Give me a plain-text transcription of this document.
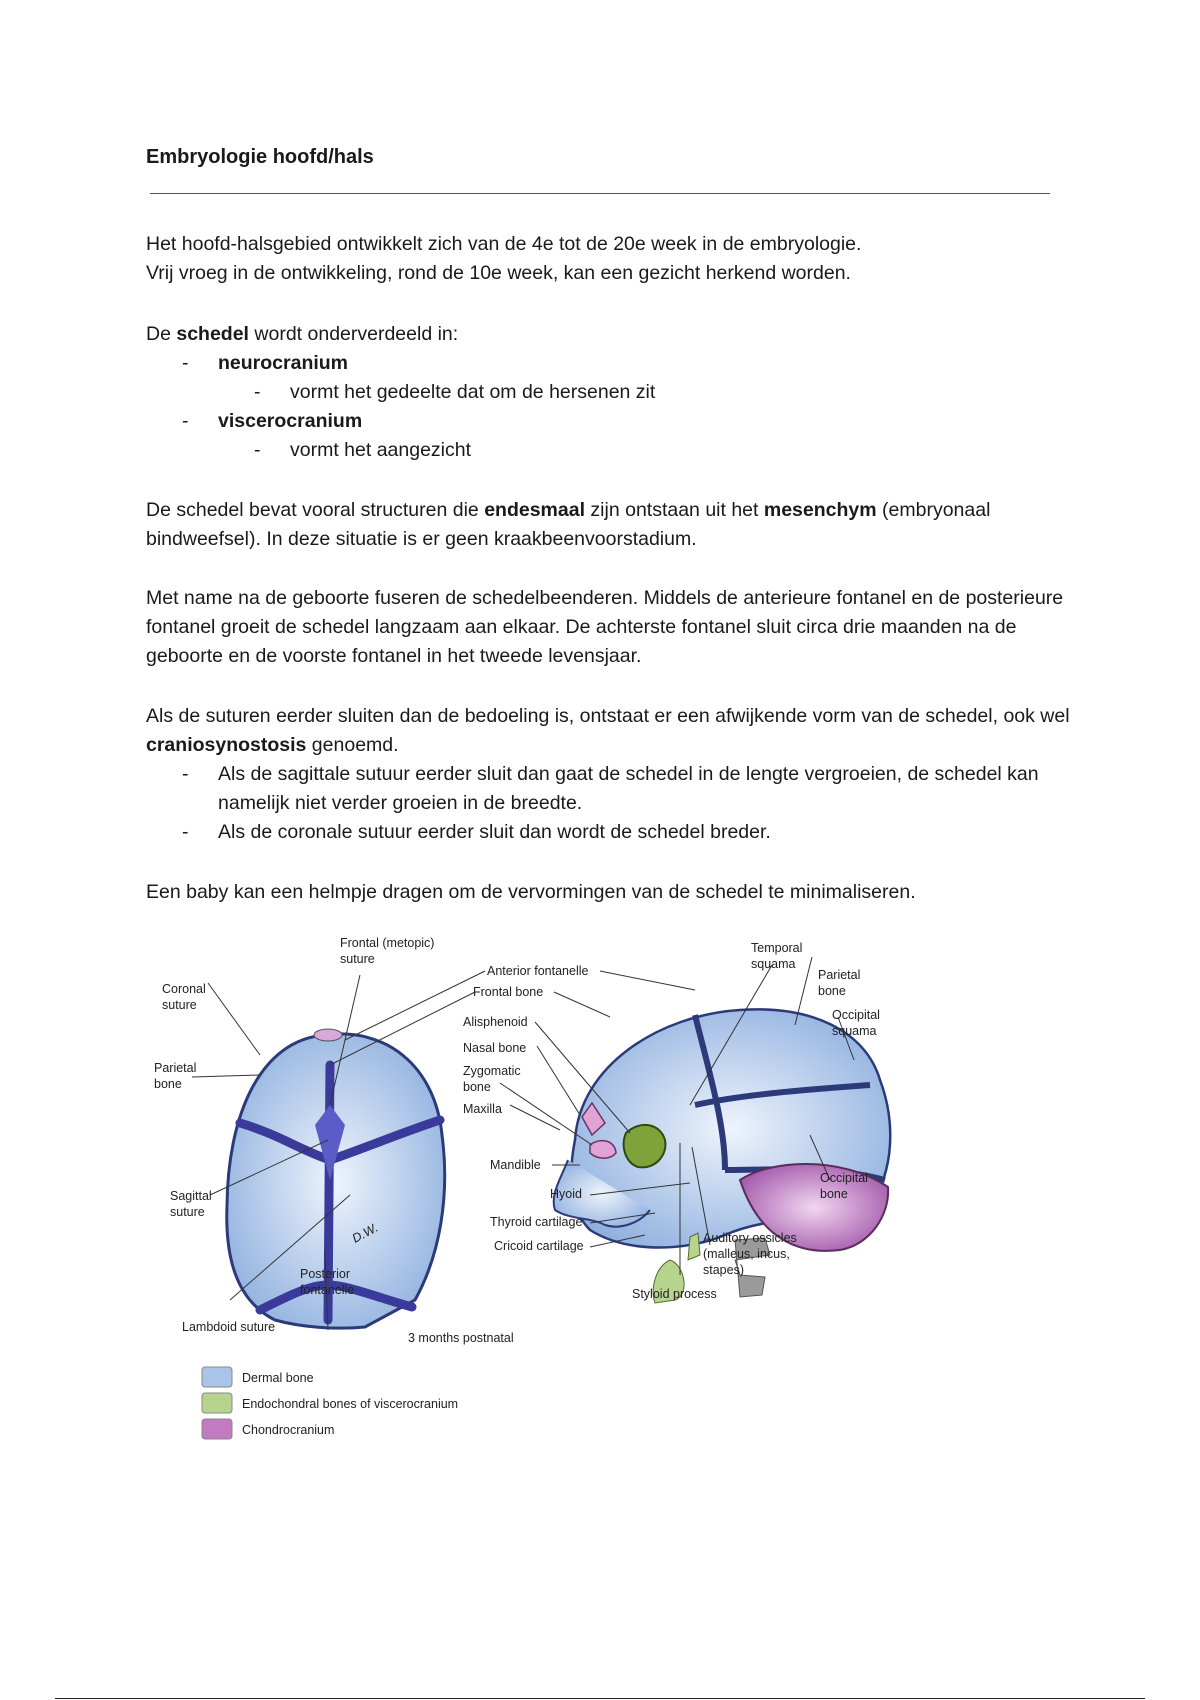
Embryologie hoofd/hals

Het hoofd-halsgebied ontwikkelt zich van de 4e tot de 20e week in de embryologie.

Vrij vroeg in de ontwikkeling, rond de 10e week, kan een gezicht herkend worden.

De schedel wordt onderverdeeld in:

- neurocranium
- vormt het gedeelte dat om de hersenen zit
- viscerocranium
- vormt het aangezicht

De schedel bevat vooral structuren die endesmaal zijn ontstaan uit het mesenchym (embryonaal bindweefsel). In deze situatie is er geen kraakbeenvoorstadium.

Met name na de geboorte fuseren de schedelbeenderen. Middels de anterieure fontanel en de posterieure fontanel groeit de schedel langzaam aan elkaar. De achterste fontanel sluit circa drie maanden na de geboorte en de voorste fontanel in het tweede levensjaar.

Als de suturen eerder sluiten dan de bedoeling is, ontstaat er een afwijkende vorm van de schedel, ook wel craniosynostosis genoemd.

- Als de sagittale sutuur eerder sluit dan gaat de schedel in de lengte vergroeien, de schedel kan namelijk niet verder groeien in de breedte.
- Als de coronale sutuur eerder sluit dan wordt de schedel breder.

Een baby kan een helmpje dragen om de vervormingen van de schedel te minimaliseren.

Frontal (metopic)
suture
Coronal
suture
Parietal
bone
Sagittal
suture
Posterior
fontanelle
Lambdoid suture
D.W.
3 months postnatal
Anterior fontanelle
Frontal bone
Alisphenoid
Nasal bone
Zygomatic
bone
Maxilla
Mandible
Hyoid
Thyroid cartilage
Cricoid cartilage
Styloid process
Auditory ossicles
(malleus, incus,
stapes)
Temporal
squama
Parietal
bone
Occipital
squama
Occipital
bone
Dermal bone
Endochondral bones of viscerocranium
Chondrocranium
